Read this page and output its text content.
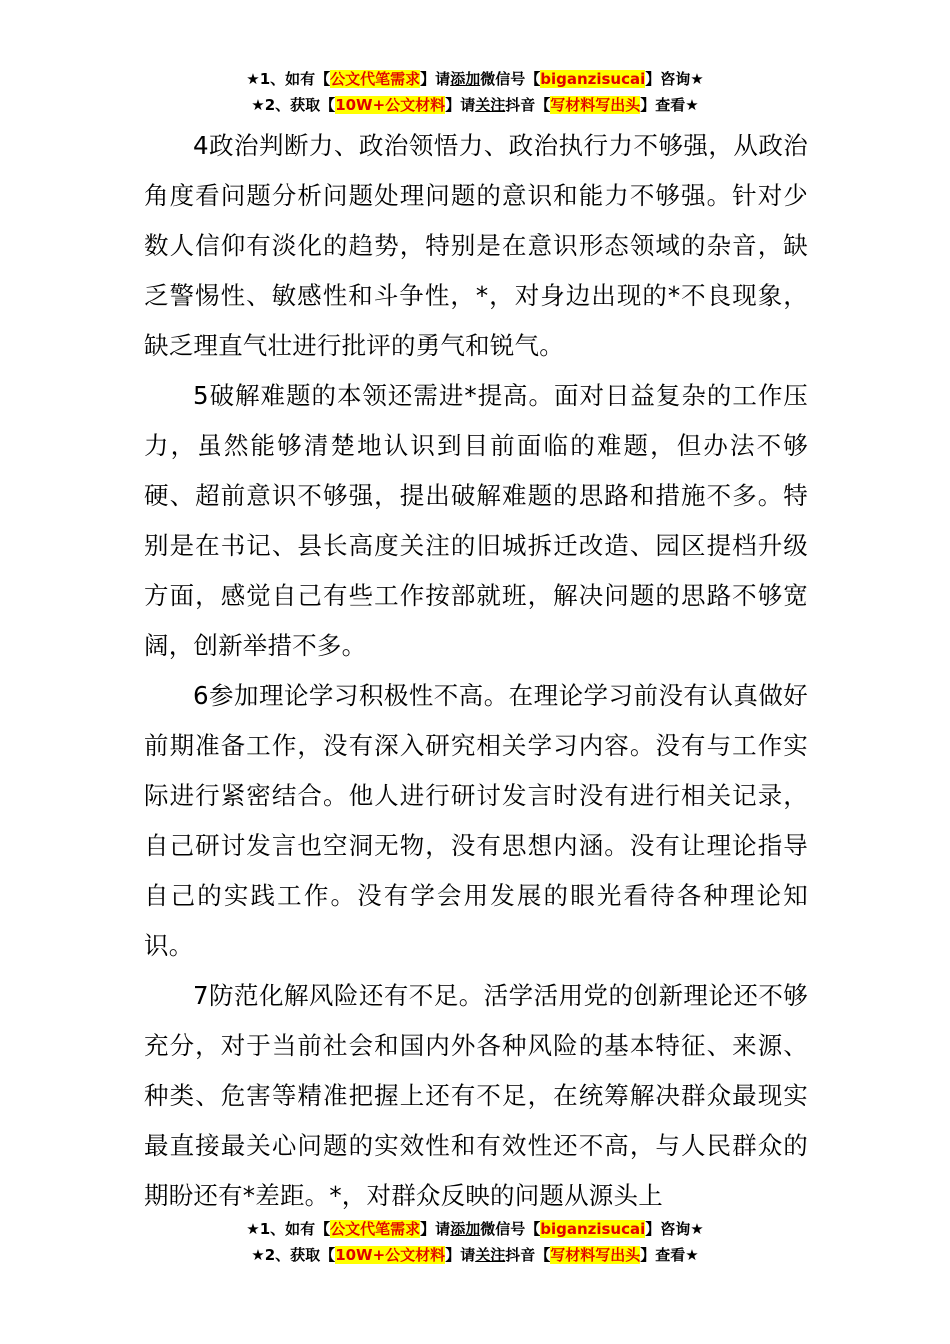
★1、如有【公文代笔需求】请添加微信号【biganzisucai】咨询★
★2、获取【10W+公文材料】请关注抖音【写材料写出头】查看★

4政治判断力、政治领悟力、政治执行力不够强，从政治角度看问题分析问题处理问题的意识和能力不够强。针对少数人信仰有淡化的趋势，特别是在意识形态领域的杂音，缺乏警惕性、敏感性和斗争性，*，对身边出现的*不良现象，缺乏理直气壮进行批评的勇气和锐气。

5破解难题的本领还需进*提高。面对日益复杂的工作压力，虽然能够清楚地认识到目前面临的难题，但办法不够硬、超前意识不够强，提出破解难题的思路和措施不多。特别是在书记、县长高度关注的旧城拆迁改造、园区提档升级方面，感觉自己有些工作按部就班，解决问题的思路不够宽阔，创新举措不多。

6参加理论学习积极性不高。在理论学习前没有认真做好前期准备工作，没有深入研究相关学习内容。没有与工作实际进行紧密结合。他人进行研讨发言时没有进行相关记录，自己研讨发言也空洞无物，没有思想内涵。没有让理论指导自己的实践工作。没有学会用发展的眼光看待各种理论知识。

7防范化解风险还有不足。活学活用党的创新理论还不够充分，对于当前社会和国内外各种风险的基本特征、来源、种类、危害等精准把握上还有不足，在统筹解决群众最现实最直接最关心问题的实效性和有效性还不高，与人民群众的期盼还有*差距。*，对群众反映的问题从源头上

★1、如有【公文代笔需求】请添加微信号【biganzisucai】咨询★
★2、获取【10W+公文材料】请关注抖音【写材料写出头】查看★
